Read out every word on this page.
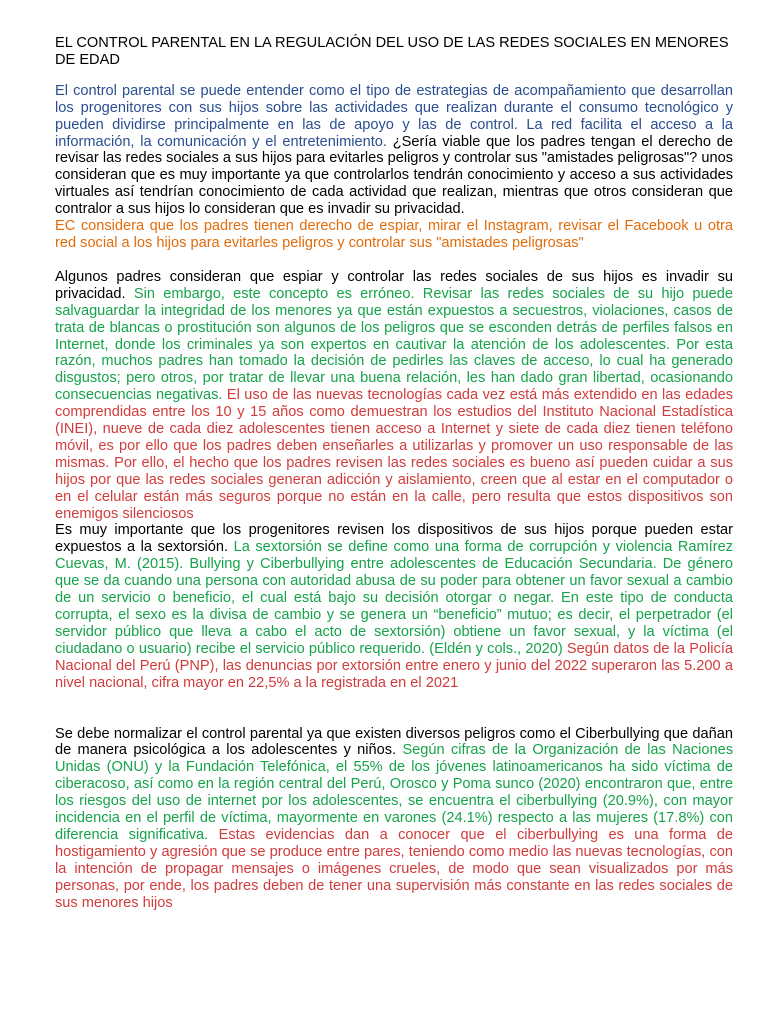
EL CONTROL PARENTAL EN LA REGULACIÓN DEL USO DE LAS REDES SOCIALES EN MENORES DE EDAD

El control parental se puede entender como el tipo de estrategias de acompañamiento que desarrollan los progenitores con sus hijos sobre las actividades que realizan durante el consumo tecnológico y pueden dividirse principalmente en las de apoyo y las de control. La red facilita el acceso a la información, la comunicación y el entretenimiento. ¿Sería viable que los padres tengan el derecho de revisar las redes sociales a sus hijos para evitarles peligros y controlar sus "amistades peligrosas"? unos consideran que es muy importante ya que controlarlos tendrán conocimiento y acceso a sus actividades virtuales así tendrían conocimiento de cada actividad que realizan, mientras que otros consideran que contralor a sus hijos lo consideran que es invadir su privacidad.

EC considera que los padres tienen derecho de espiar, mirar el Instagram, revisar el Facebook u otra red social a los hijos para evitarles peligros y controlar sus "amistades peligrosas"

Algunos padres consideran que espiar y controlar las redes sociales de sus hijos es invadir su privacidad. Sin embargo, este concepto es erróneo. Revisar las redes sociales de su hijo puede salvaguardar la integridad de los menores ya que están expuestos a secuestros, violaciones, casos de trata de blancas o prostitución son algunos de los peligros que se esconden detrás de perfiles falsos en Internet, donde los criminales ya son expertos en cautivar la atención de los adolescentes. Por esta razón, muchos padres han tomado la decisión de pedirles las claves de acceso, lo cual ha generado disgustos; pero otros, por tratar de llevar una buena relación, les han dado gran libertad, ocasionando consecuencias negativas. El uso de las nuevas tecnologías cada vez está más extendido en las edades comprendidas entre los 10 y 15 años como demuestran los estudios del Instituto Nacional Estadística (INEI), nueve de cada diez adolescentes tienen acceso a Internet y siete de cada diez tienen teléfono móvil, es por ello que los padres deben enseñarles a utilizarlas y promover un uso responsable de las mismas. Por ello, el hecho que los padres revisen las redes sociales es bueno así pueden cuidar a sus hijos por que las redes sociales generan adicción y aislamiento, creen que al estar en el computador o en el celular están más seguros porque no están en la calle, pero resulta que estos dispositivos son enemigos silenciosos

Es muy importante que los progenitores revisen los dispositivos de sus hijos porque pueden estar expuestos a la sextorsión. La sextorsión se define como una forma de corrupción y violencia Ramírez Cuevas, M. (2015). Bullying y Ciberbullying entre adolescentes de Educación Secundaria. De género que se da cuando una persona con autoridad abusa de su poder para obtener un favor sexual a cambio de un servicio o beneficio, el cual está bajo su decisión otorgar o negar. En este tipo de conducta corrupta, el sexo es la divisa de cambio y se genera un “beneficio” mutuo; es decir, el perpetrador (el servidor público que lleva a cabo el acto de sextorsión) obtiene un favor sexual, y la víctima (el ciudadano o usuario) recibe el servicio público requerido. (Eldén y cols., 2020) Según datos de la Policía Nacional del Perú (PNP), las denuncias por extorsión entre enero y junio del 2022 superaron las 5.200 a nivel nacional, cifra mayor en 22,5% a la registrada en el 2021

Se debe normalizar el control parental ya que existen diversos peligros como el Ciberbullying que dañan de manera psicológica a los adolescentes y niños. Según cifras de la Organización de las Naciones Unidas (ONU) y la Fundación Telefónica, el 55% de los jóvenes latinoamericanos ha sido víctima de ciberacoso, así como en la región central del Perú, Orosco y Poma sunco (2020) encontraron que, entre los riesgos del uso de internet por los adolescentes, se encuentra el ciberbullying (20.9%), con mayor incidencia en el perfil de víctima, mayormente en varones (24.1%) respecto a las mujeres (17.8%) con diferencia significativa. Estas evidencias dan a conocer que el ciberbullying es una forma de hostigamiento y agresión que se produce entre pares, teniendo como medio las nuevas tecnologías, con la intención de propagar mensajes o imágenes crueles, de modo que sean visualizados por más personas, por ende, los padres deben de tener una supervisión más constante en las redes sociales de sus menores hijos
